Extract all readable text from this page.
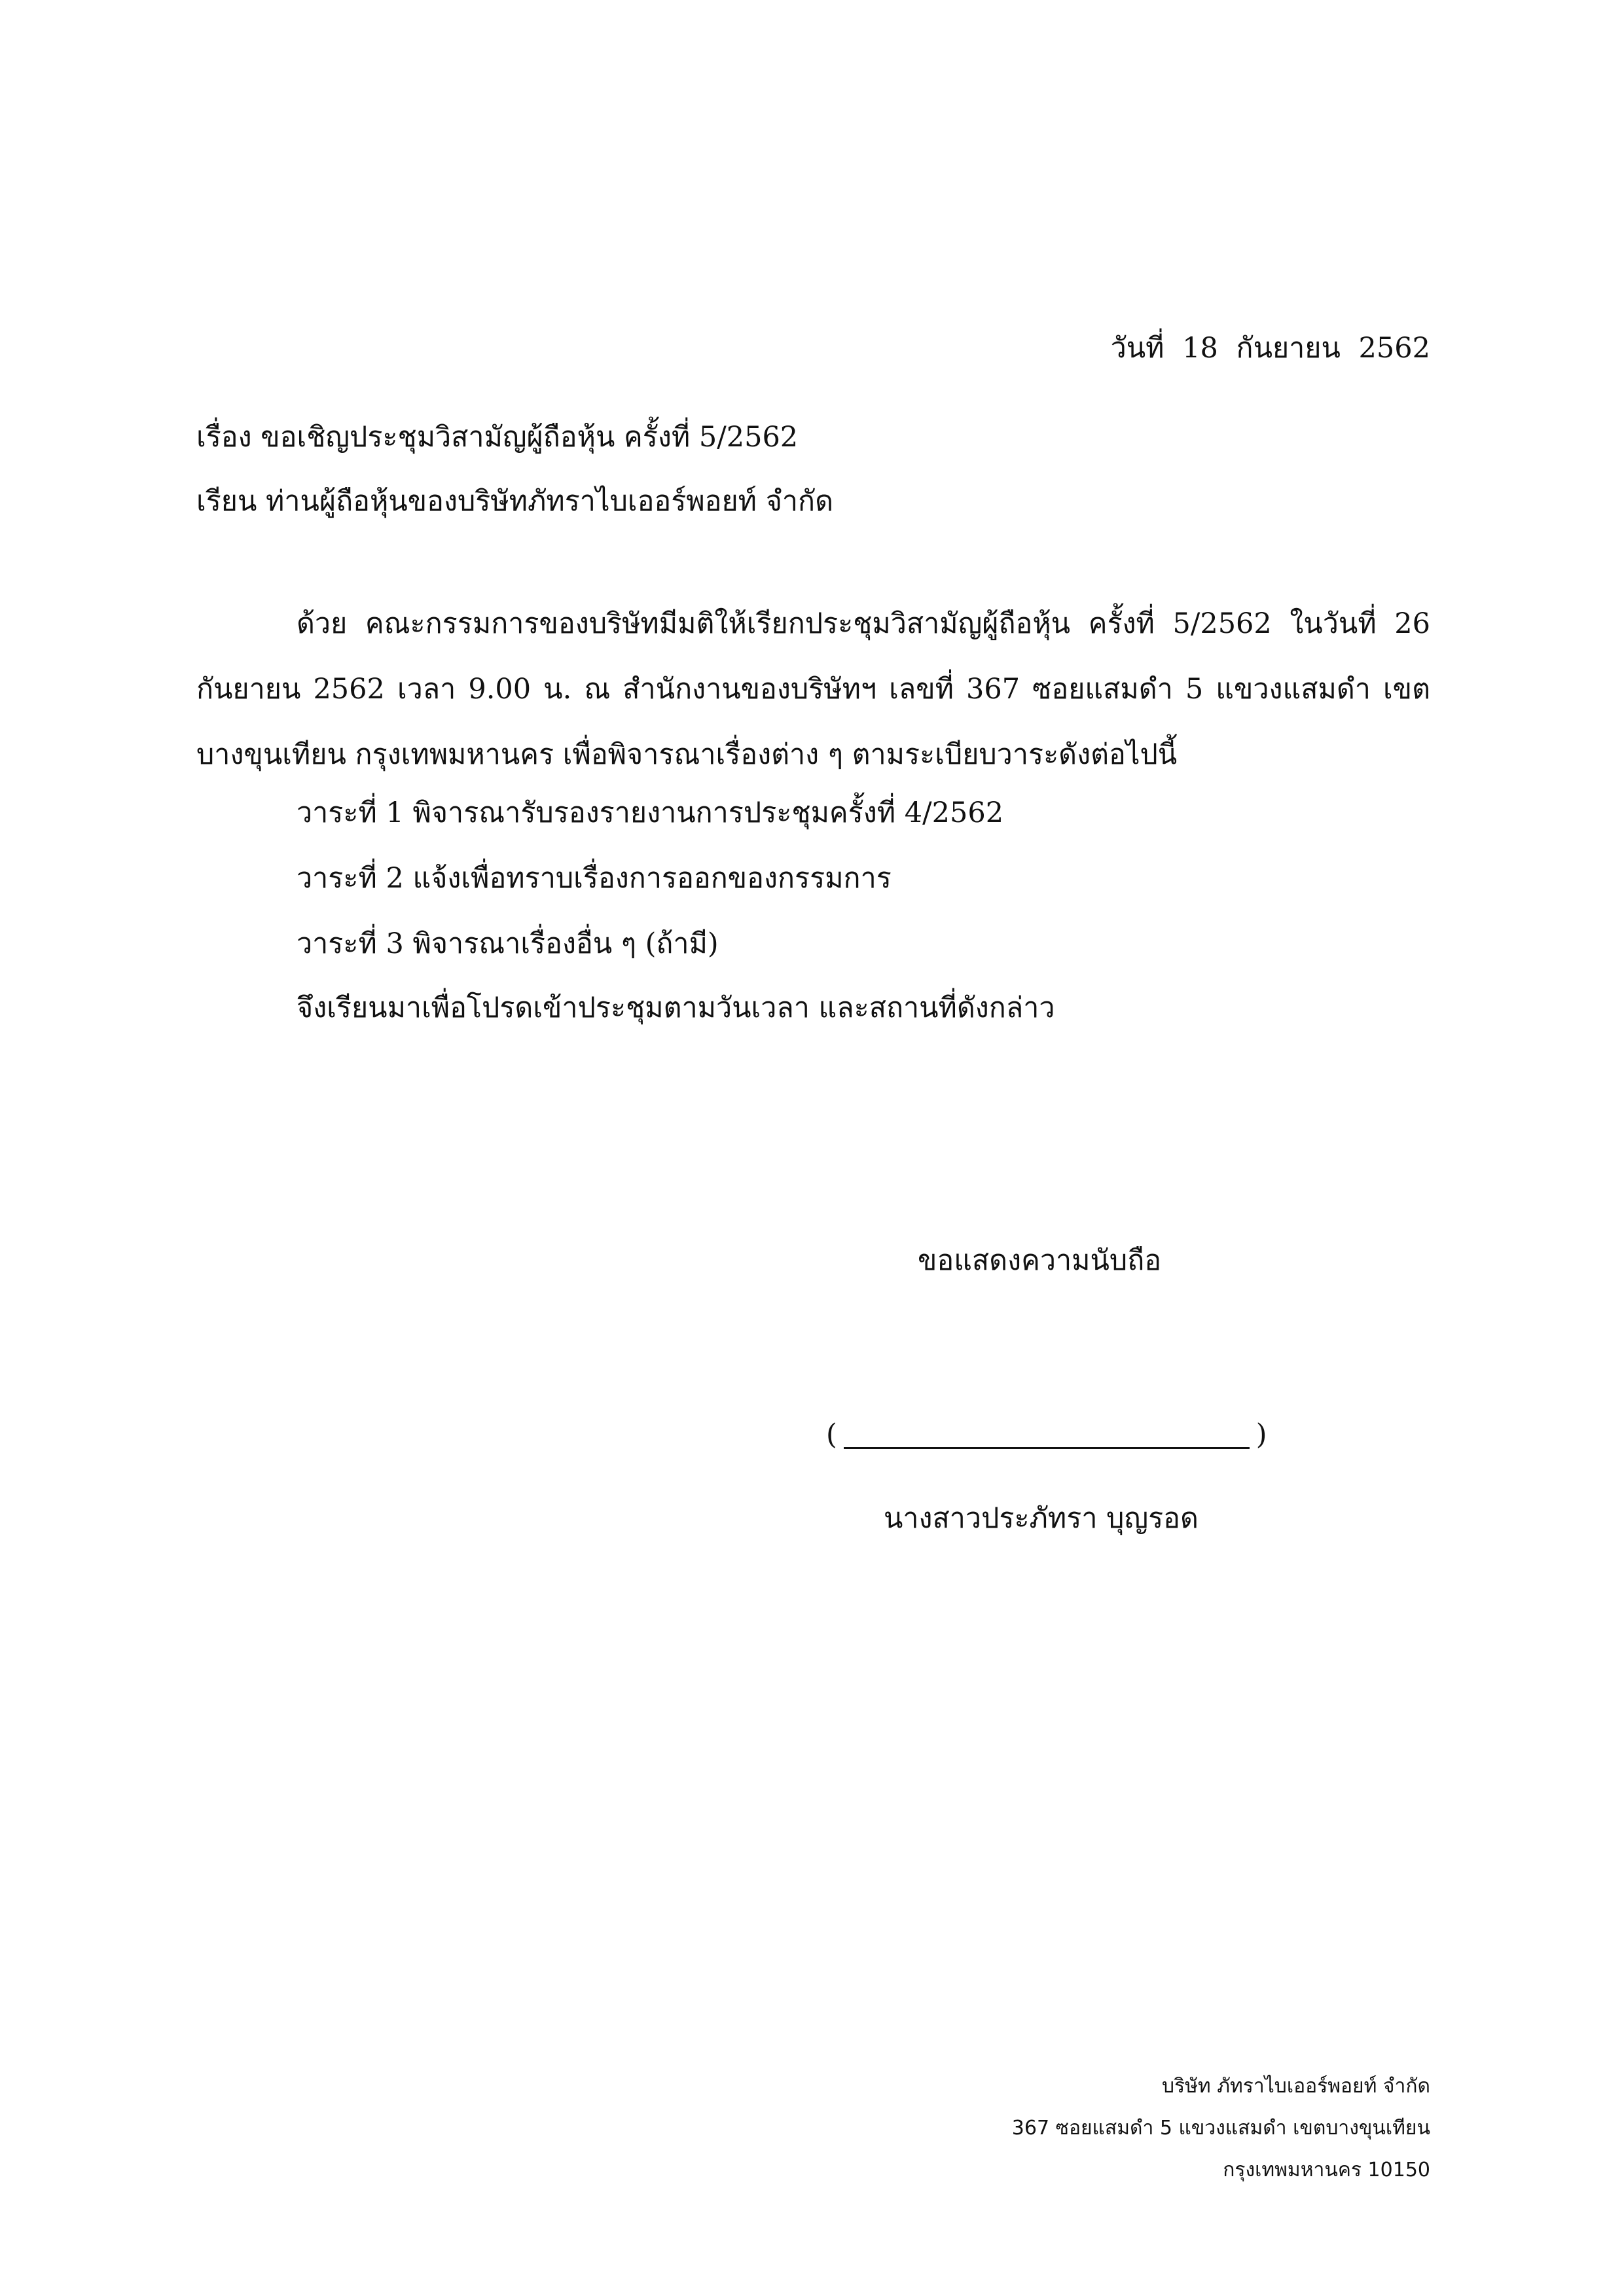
วันที่ 18 กันยายน 2562
เรื่อง ขอเชิญประชุมวิสามัญผู้ถือหุ้น ครั้งที่ 5/2562
เรียน ท่านผู้ถือหุ้นของบริษัทภัทราไบเออร์พอยท์ จำกัด

ด้วย คณะกรรมการของบริษัทมีมติให้เรียกประชุมวิสามัญผู้ถือหุ้น ครั้งที่ 5/2562 ในวันที่ 26 กันยายน 2562 เวลา 9.00 น. ณ สำนักงานของบริษัทฯ เลขที่ 367 ซอยแสมดำ 5 แขวงแสมดำ เขตบางขุนเทียน กรุงเทพมหานคร เพื่อพิจารณาเรื่องต่าง ๆ ตามระเบียบวาระดังต่อไปนี้

วาระที่ 1 พิจารณารับรองรายงานการประชุมครั้งที่ 4/2562
วาระที่ 2 แจ้งเพื่อทราบเรื่องการออกของกรรมการ
วาระที่ 3 พิจารณาเรื่องอื่น ๆ (ถ้ามี)
จึงเรียนมาเพื่อโปรดเข้าประชุมตามวันเวลา และสถานที่ดังกล่าว
ขอแสดงความนับถือ
(	)
นางสาวประภัทรา บุญรอด
บริษัท ภัทราไบเออร์พอยท์ จำกัด
367 ซอยแสมดำ 5 แขวงแสมดำ เขตบางขุนเทียน
กรุงเทพมหานคร 10150
